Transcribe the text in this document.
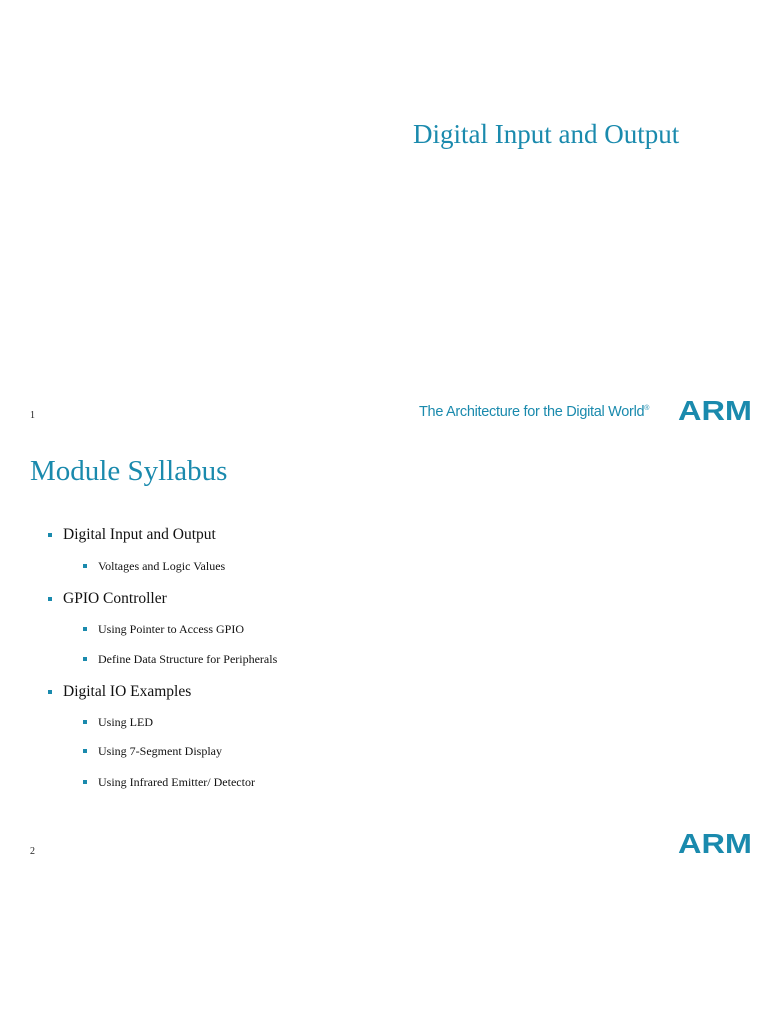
Digital Input and Output
1	The Architecture for the Digital World® ARM
Module Syllabus
Digital Input and Output
Voltages and Logic Values
GPIO Controller
Using Pointer to Access GPIO
Define Data Structure for Peripherals
Digital IO Examples
Using LED
Using 7-Segment Display
Using Infrared Emitter/ Detector
2	ARM
